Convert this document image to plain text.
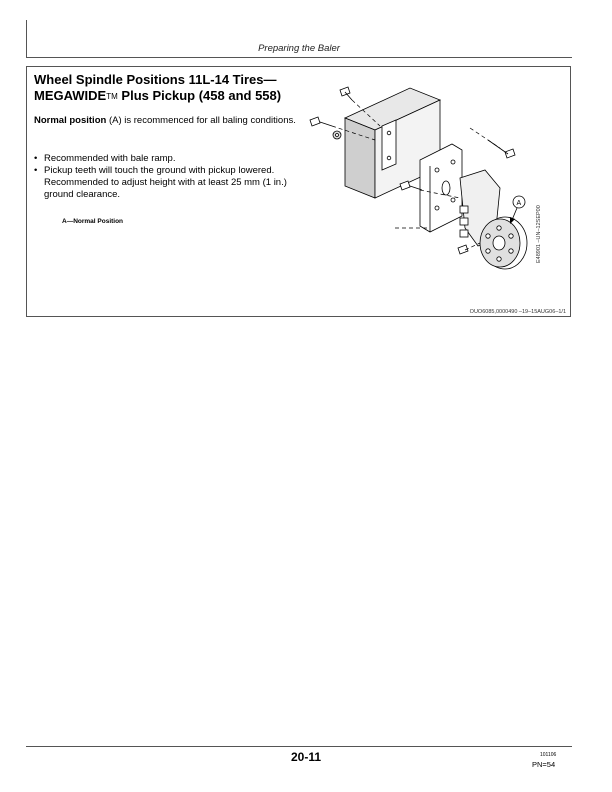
Preparing the Baler
Wheel Spindle Positions 11L-14 Tires—
MEGAWIDETM Plus Pickup (458 and 558)
Normal position (A) is recommenced for all baling conditions.
• Recommended with bale ramp.
• Pickup teeth will touch the ground with pickup lowered. Recommended to adjust height with at least 25 mm (1 in.) ground clearance.
A—Normal Position
A
E48901 –UN–12SEP00
OUO6085,0000490 –19–15AUG06–1/1
20-11	101106
PN=54
